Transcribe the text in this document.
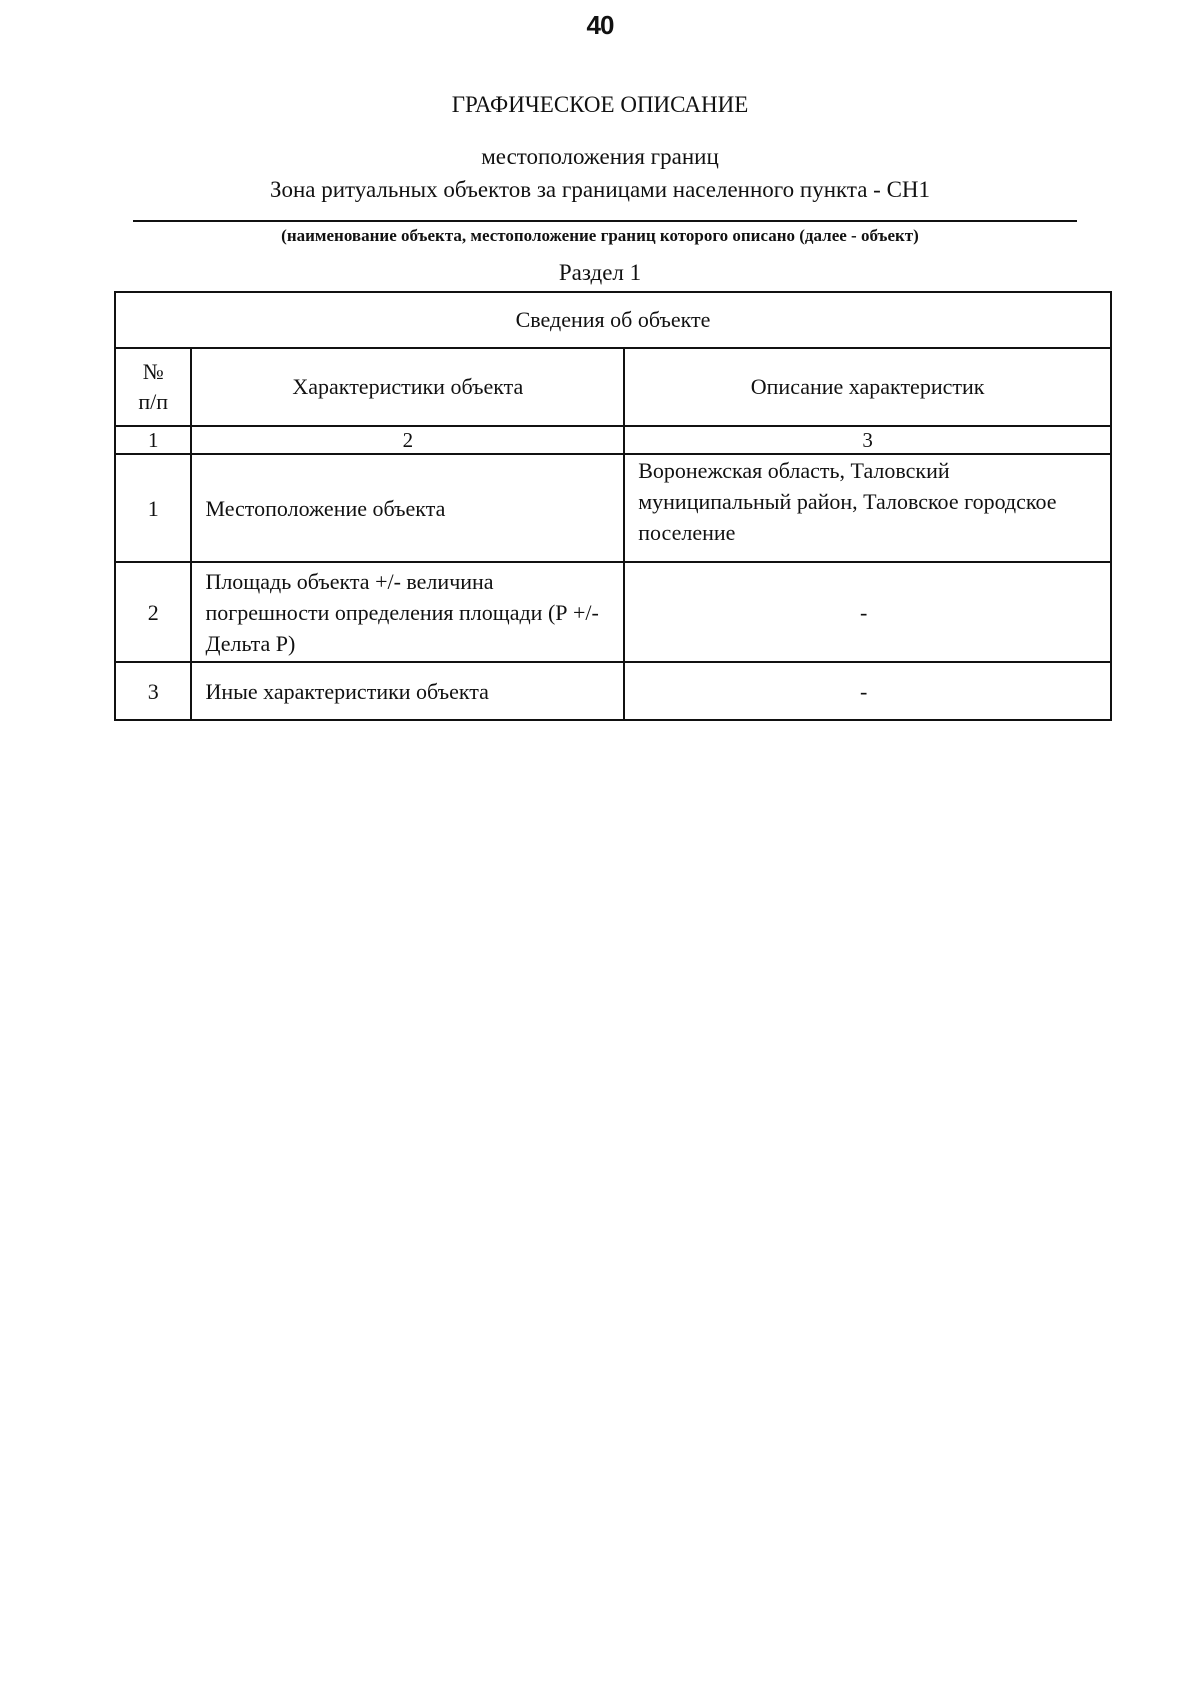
40
ГРАФИЧЕСКОЕ ОПИСАНИЕ
местоположения границ
Зона ритуальных объектов за границами населенного пункта - СН1
(наименование объекта, местоположение границ которого описано (далее - объект)
Раздел 1
Сведения об объекте		
№ п/п	Характеристики объекта	Описание характеристик
1	2	3
1	Местоположение объекта	Воронежская область, Таловский муниципальный район, Таловское городское поселение
2	Площадь объекта +/- величина погрешности определения площади (Р +/- Дельта Р)	-
3	Иные характеристики объекта	-
